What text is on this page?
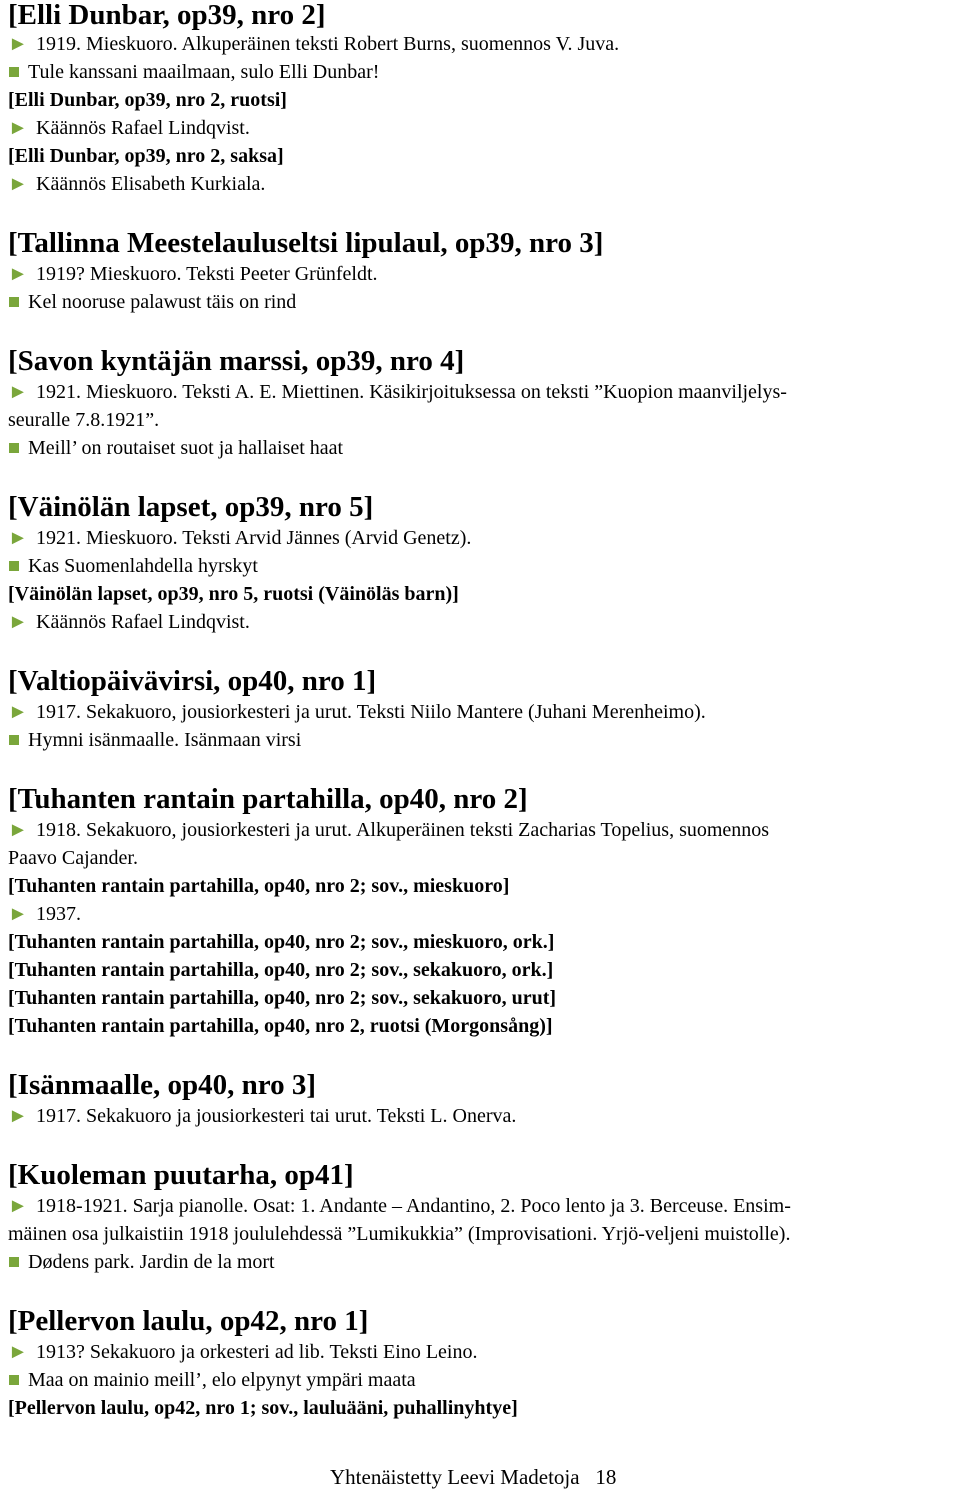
[Elli Dunbar, op39, nro 2]
► 1919. Mieskuoro. Alkuperäinen teksti Robert Burns, suomennos V. Juva.
Tule kanssani maailmaan, sulo Elli Dunbar!
[Elli Dunbar, op39, nro 2, ruotsi]
► Käännös Rafael Lindqvist.
[Elli Dunbar, op39, nro 2, saksa]
► Käännös Elisabeth Kurkiala.
[Tallinna Meestelauluseltsi lipulaul, op39, nro 3]
► 1919? Mieskuoro. Teksti Peeter Grünfeldt.
Kel nooruse palawust täis on rind
[Savon kyntäjän marssi, op39, nro 4]
► 1921. Mieskuoro. Teksti A. E. Miettinen. Käsikirjoituksessa on teksti ”Kuopion maanviljelys-
seuralle 7.8.1921”.
Meill’ on routaiset suot ja hallaiset haat
[Väinölän lapset, op39, nro 5]
► 1921. Mieskuoro. Teksti Arvid Jännes (Arvid Genetz).
Kas Suomenlahdella hyrskyt
[Väinölän lapset, op39, nro 5, ruotsi (Väinöläs barn)]
► Käännös Rafael Lindqvist.
[Valtiopäivävirsi, op40, nro 1]
► 1917. Sekakuoro, jousiorkesteri ja urut. Teksti Niilo Mantere (Juhani Merenheimo).
Hymni isänmaalle. Isänmaan virsi
[Tuhanten rantain partahilla, op40, nro 2]
► 1918. Sekakuoro, jousiorkesteri ja urut. Alkuperäinen teksti Zacharias Topelius, suomennos
Paavo Cajander.
[Tuhanten rantain partahilla, op40, nro 2; sov., mieskuoro]
► 1937.
[Tuhanten rantain partahilla, op40, nro 2; sov., mieskuoro, ork.]
[Tuhanten rantain partahilla, op40, nro 2; sov., sekakuoro, ork.]
[Tuhanten rantain partahilla, op40, nro 2; sov., sekakuoro, urut]
[Tuhanten rantain partahilla, op40, nro 2, ruotsi (Morgonsång)]
[Isänmaalle, op40, nro 3]
► 1917. Sekakuoro ja jousiorkesteri tai urut. Teksti L. Onerva.
[Kuoleman puutarha, op41]
► 1918-1921. Sarja pianolle. Osat: 1. Andante – Andantino, 2. Poco lento ja 3. Berceuse. Ensim-
mäinen osa julkaistiin 1918 joululehdessä ”Lumikukkia” (Improvisationi. Yrjö-veljeni muistolle).
Dødens park. Jardin de la mort
[Pellervon laulu, op42, nro 1]
► 1913? Sekakuoro ja orkesteri ad lib. Teksti Eino Leino.
Maa on mainio meill’, elo elpynyt ympäri maata
[Pellervon laulu, op42, nro 1; sov., lauluääni, puhallinyhtye]
Yhtenäistetty Leevi Madetoja   18
